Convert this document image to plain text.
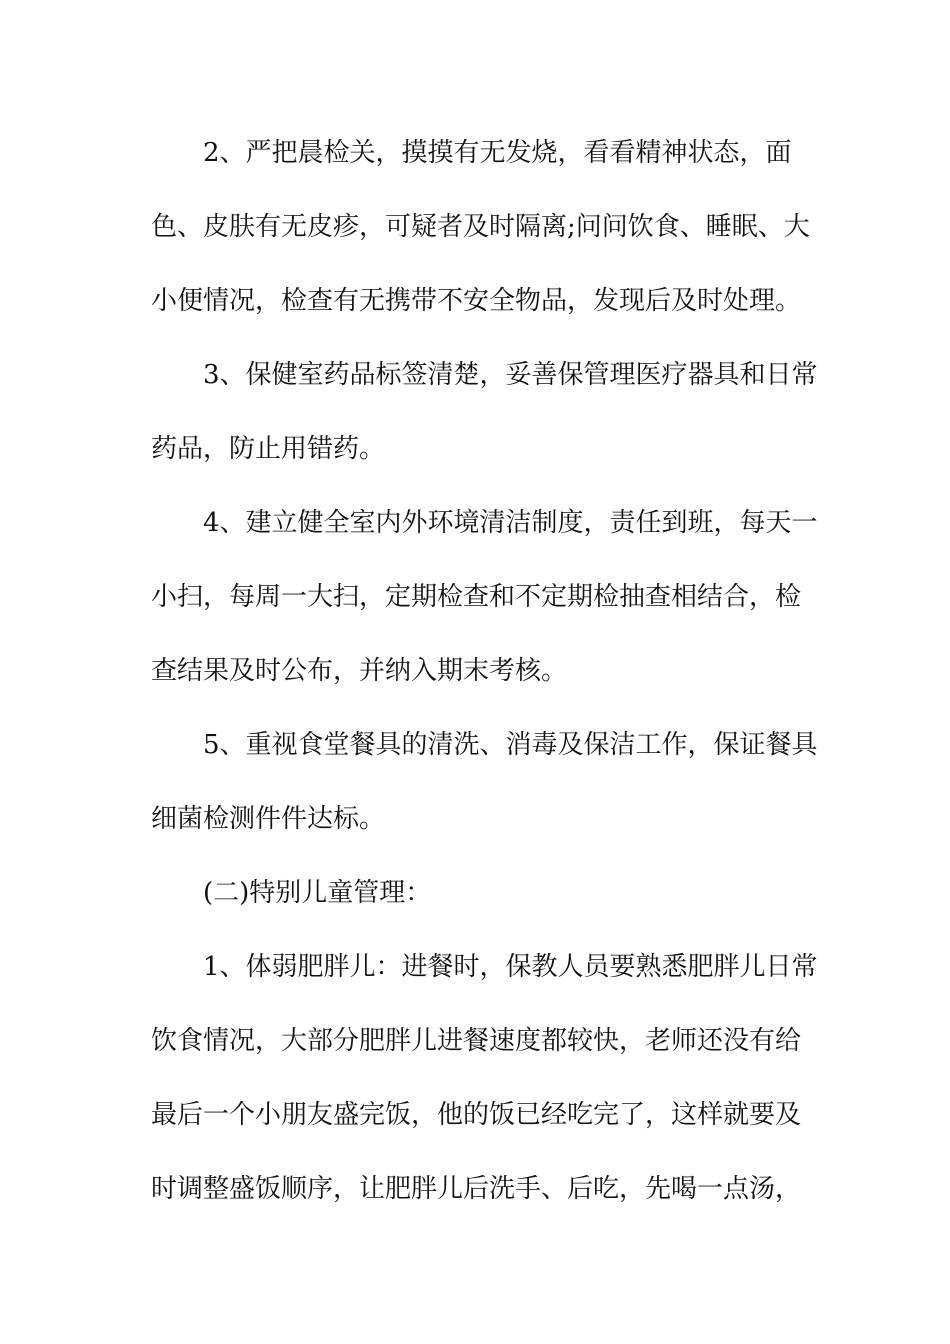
2、严把晨检关，摸摸有无发烧，看看精神状态，面
色、皮肤有无皮疹，可疑者及时隔离;问问饮食、睡眠、大
小便情况，检查有无携带不安全物品，发现后及时处理。
3、保健室药品标签清楚，妥善保管理医疗器具和日常
药品，防止用错药。
4、建立健全室内外环境清洁制度，责任到班，每天一
小扫，每周一大扫，定期检查和不定期检抽查相结合，检
查结果及时公布，并纳入期末考核。
5、重视食堂餐具的清洗、消毒及保洁工作，保证餐具
细菌检测件件达标。
(二)特别儿童管理：
1、体弱肥胖儿：进餐时，保教人员要熟悉肥胖儿日常
饮食情况，大部分肥胖儿进餐速度都较快，老师还没有给
最后一个小朋友盛完饭，他的饭已经吃完了，这样就要及
时调整盛饭顺序，让肥胖儿后洗手、后吃，先喝一点汤，
